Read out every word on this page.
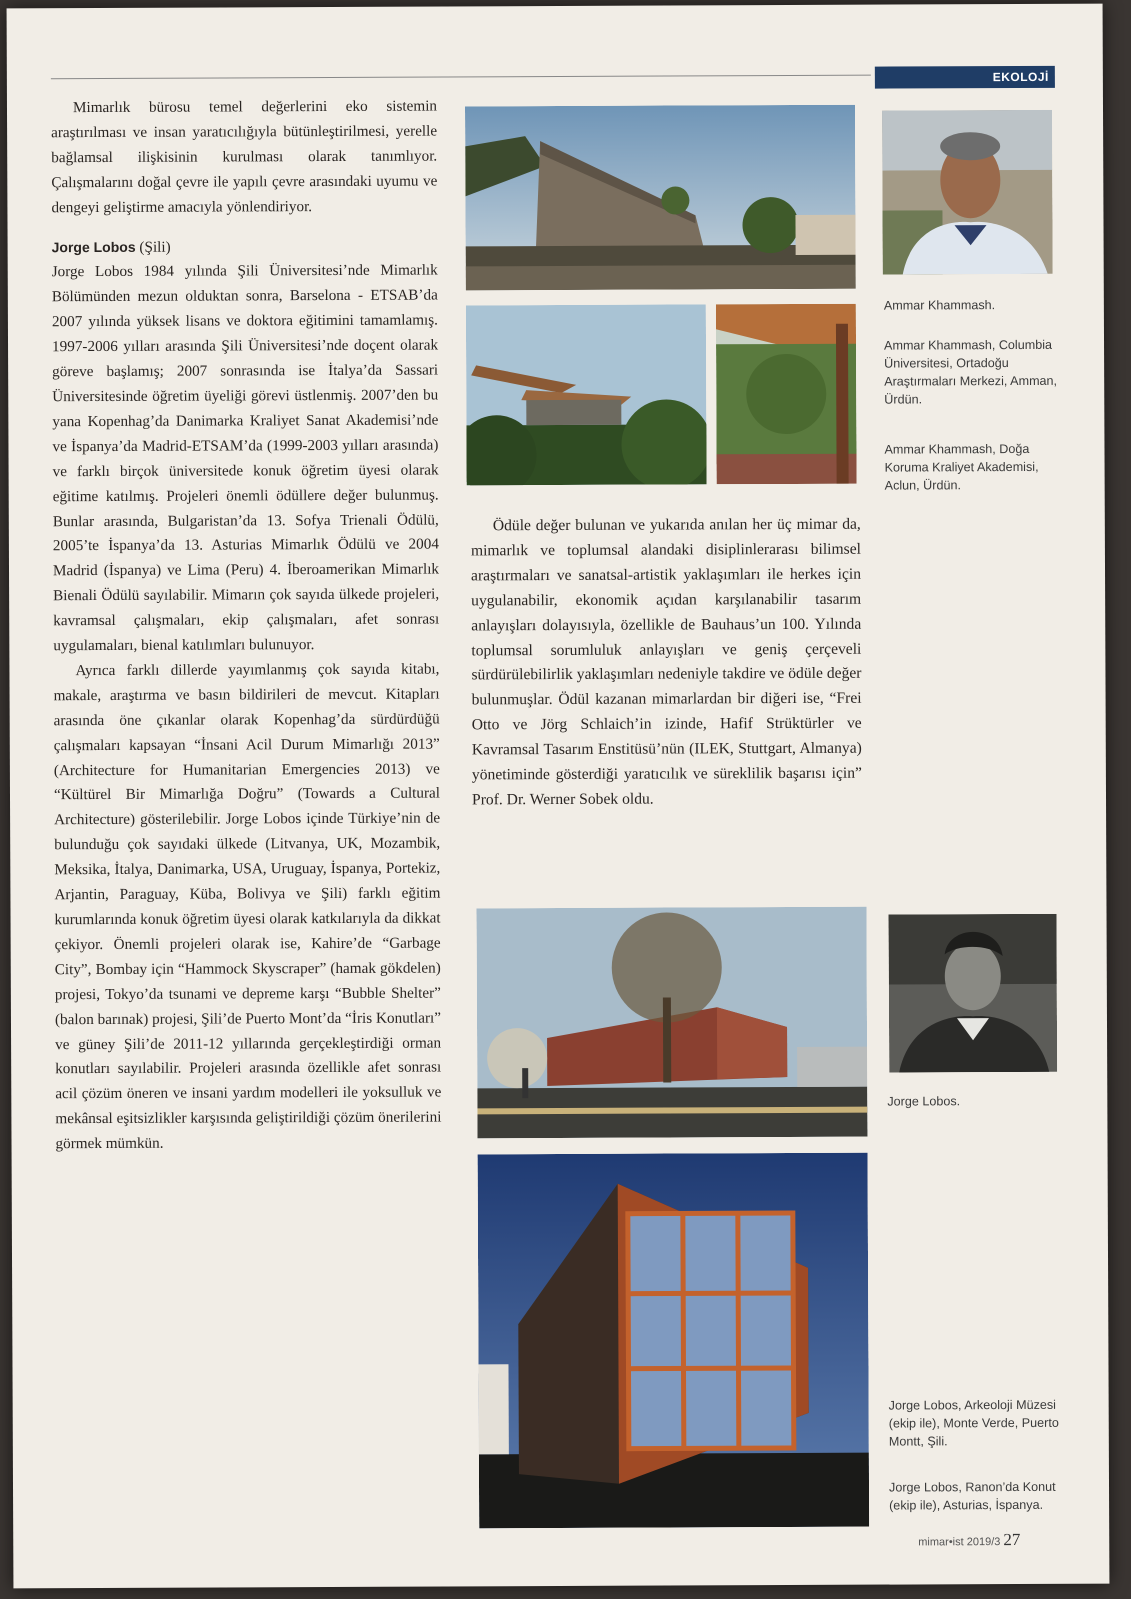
EKOLOJİ

Mimarlık bürosu temel değerlerini eko sistemin araştırılması ve insan yaratıcılığıyla bütünleştirilmesi, yerelle bağlamsal ilişkisinin kurulması olarak tanımlıyor. Çalışmalarını doğal çevre ile yapılı çevre arasındaki uyumu ve dengeyi geliştirme amacıyla yönlendiriyor.

Jorge Lobos (Şili)

Jorge Lobos 1984 yılında Şili Üniversitesi’nde Mimarlık Bölümünden mezun olduktan sonra, Barselona - ETSAB’da 2007 yılında yüksek lisans ve doktora eğitimini tamamlamış. 1997-2006 yılları arasında Şili Üniversitesi’nde doçent olarak göreve başlamış; 2007 sonrasında ise İtalya’da Sassari Üniversitesinde öğretim üyeliği görevi üstlenmiş. 2007’den bu yana Kopenhag’da Danimarka Kraliyet Sanat Akademisi’nde ve İspanya’da Madrid-ETSAM’da (1999-2003 yılları arasında) ve farklı birçok üniversitede konuk öğretim üyesi olarak eğitime katılmış. Projeleri önemli ödüllere değer bulunmuş. Bunlar arasında, Bulgaristan’da 13. Sofya Trienali Ödülü, 2005’te İspanya’da 13. Asturias Mimarlık Ödülü ve 2004 Madrid (İspanya) ve Lima (Peru) 4. İberoamerikan Mimarlık Bienali Ödülü sayılabilir. Mimarın çok sayıda ülkede projeleri, kavramsal çalışmaları, ekip çalışmaları, afet sonrası uygulamaları, bienal katılımları bulunuyor.

Ayrıca farklı dillerde yayımlanmış çok sayıda kitabı, makale, araştırma ve basın bildirileri de mevcut. Kitapları arasında öne çıkanlar olarak Kopenhag’da sürdürdüğü çalışmaları kapsayan “İnsani Acil Durum Mimarlığı 2013” (Architecture for Humanitarian Emergencies 2013) ve “Kültürel Bir Mimarlığa Doğru” (Towards a Cultural Architecture) gösterilebilir. Jorge Lobos içinde Türkiye’nin de bulunduğu çok sayıdaki ülkede (Litvanya, UK, Mozambik, Meksika, İtalya, Danimarka, USA, Uruguay, İspanya, Portekiz, Arjantin, Paraguay, Küba, Bolivya ve Şili) farklı eğitim kurumlarında konuk öğretim üyesi olarak katkılarıyla da dikkat çekiyor. Önemli projeleri olarak ise, Kahire’de “Garbage City”, Bombay için “Hammock Skyscraper” (hamak gökdelen) projesi, Tokyo’da tsunami ve depreme karşı “Bubble Shelter” (balon barınak) projesi, Şili’de Puerto Mont’da “İris Konutları” ve güney Şili’de 2011-12 yıllarında gerçekleştirdiği orman konutları sayılabilir. Projeleri arasında özellikle afet sonrası acil çözüm öneren ve insani yardım modelleri ile yoksulluk ve mekânsal eşitsizlikler karşısında geliştirildiği çözüm önerilerini görmek mümkün.

Ammar Khammash.
Ammar Khammash, Columbia Üniversitesi, Ortadoğu Araştırmaları Merkezi, Amman, Ürdün.
Ammar Khammash, Doğa Koruma Kraliyet Akademisi, Aclun, Ürdün.

Ödüle değer bulunan ve yukarıda anılan her üç mimar da, mimarlık ve toplumsal alandaki disiplinlerarası bilimsel araştırmaları ve sanatsal-artistik yaklaşımları ile herkes için uygulanabilir, ekonomik açıdan karşılanabilir tasarım anlayışları dolayısıyla, özellikle de Bauhaus’un 100. Yılında toplumsal sorumluluk anlayışları ve geniş çerçeveli sürdürülebilirlik yaklaşımları nedeniyle takdire ve ödüle değer bulunmuşlar. Ödül kazanan mimarlardan bir diğeri ise, “Frei Otto ve Jörg Schlaich’in izinde, Hafif Strüktürler ve Kavramsal Tasarım Enstitüsü’nün (ILEK, Stuttgart, Almanya) yönetiminde gösterdiği yaratıcılık ve süreklilik başarısı için” Prof. Dr. Werner Sobek oldu.

Jorge Lobos.
Jorge Lobos, Arkeoloji Müzesi (ekip ile), Monte Verde, Puerto Montt, Şili.
Jorge Lobos, Ranon’da Konut (ekip ile), Asturias, İspanya.
mimar•ist 2019/3 27
